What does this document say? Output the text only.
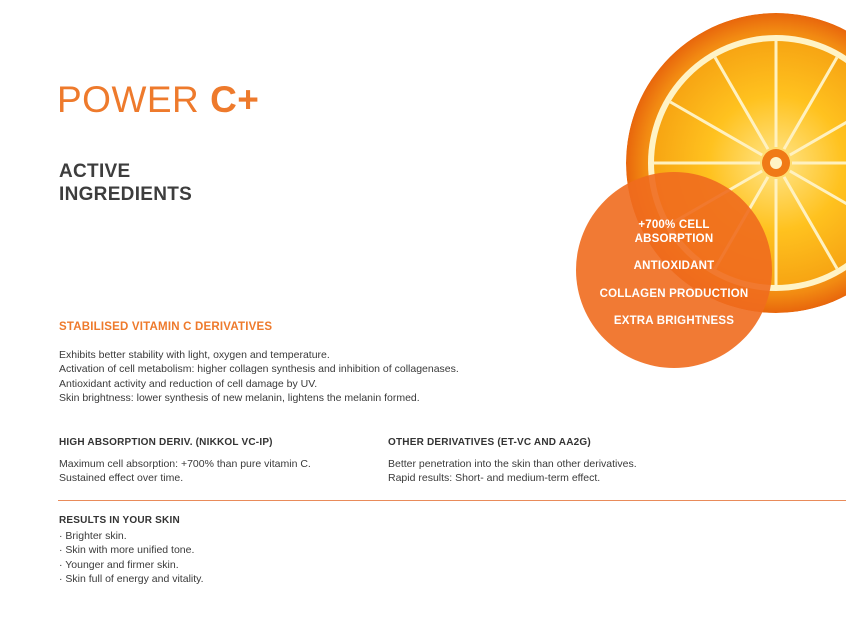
POWER C+
ACTIVE
INGREDIENTS
+700% CELL
ABSORPTION
ANTIOXIDANT
COLLAGEN PRODUCTION
EXTRA BRIGHTNESS
STABILISED VITAMIN C DERIVATIVES
Exhibits better stability with light, oxygen and temperature.
Activation of cell metabolism: higher collagen synthesis and inhibition of collagenases.
Antioxidant activity and reduction of cell damage by UV.
Skin brightness: lower synthesis of new melanin, lightens the melanin formed.
HIGH ABSORPTION DERIV. (NIKKOL VC-IP)
Maximum cell absorption: +700% than pure vitamin C.
Sustained effect over time.
OTHER DERIVATIVES (ET-VC AND AA2G)
Better penetration into the skin than other derivatives.
Rapid results: Short- and medium-term effect.
RESULTS IN YOUR SKIN
· Brighter skin.
· Skin with more unified tone.
· Younger and firmer skin.
· Skin full of energy and vitality.
